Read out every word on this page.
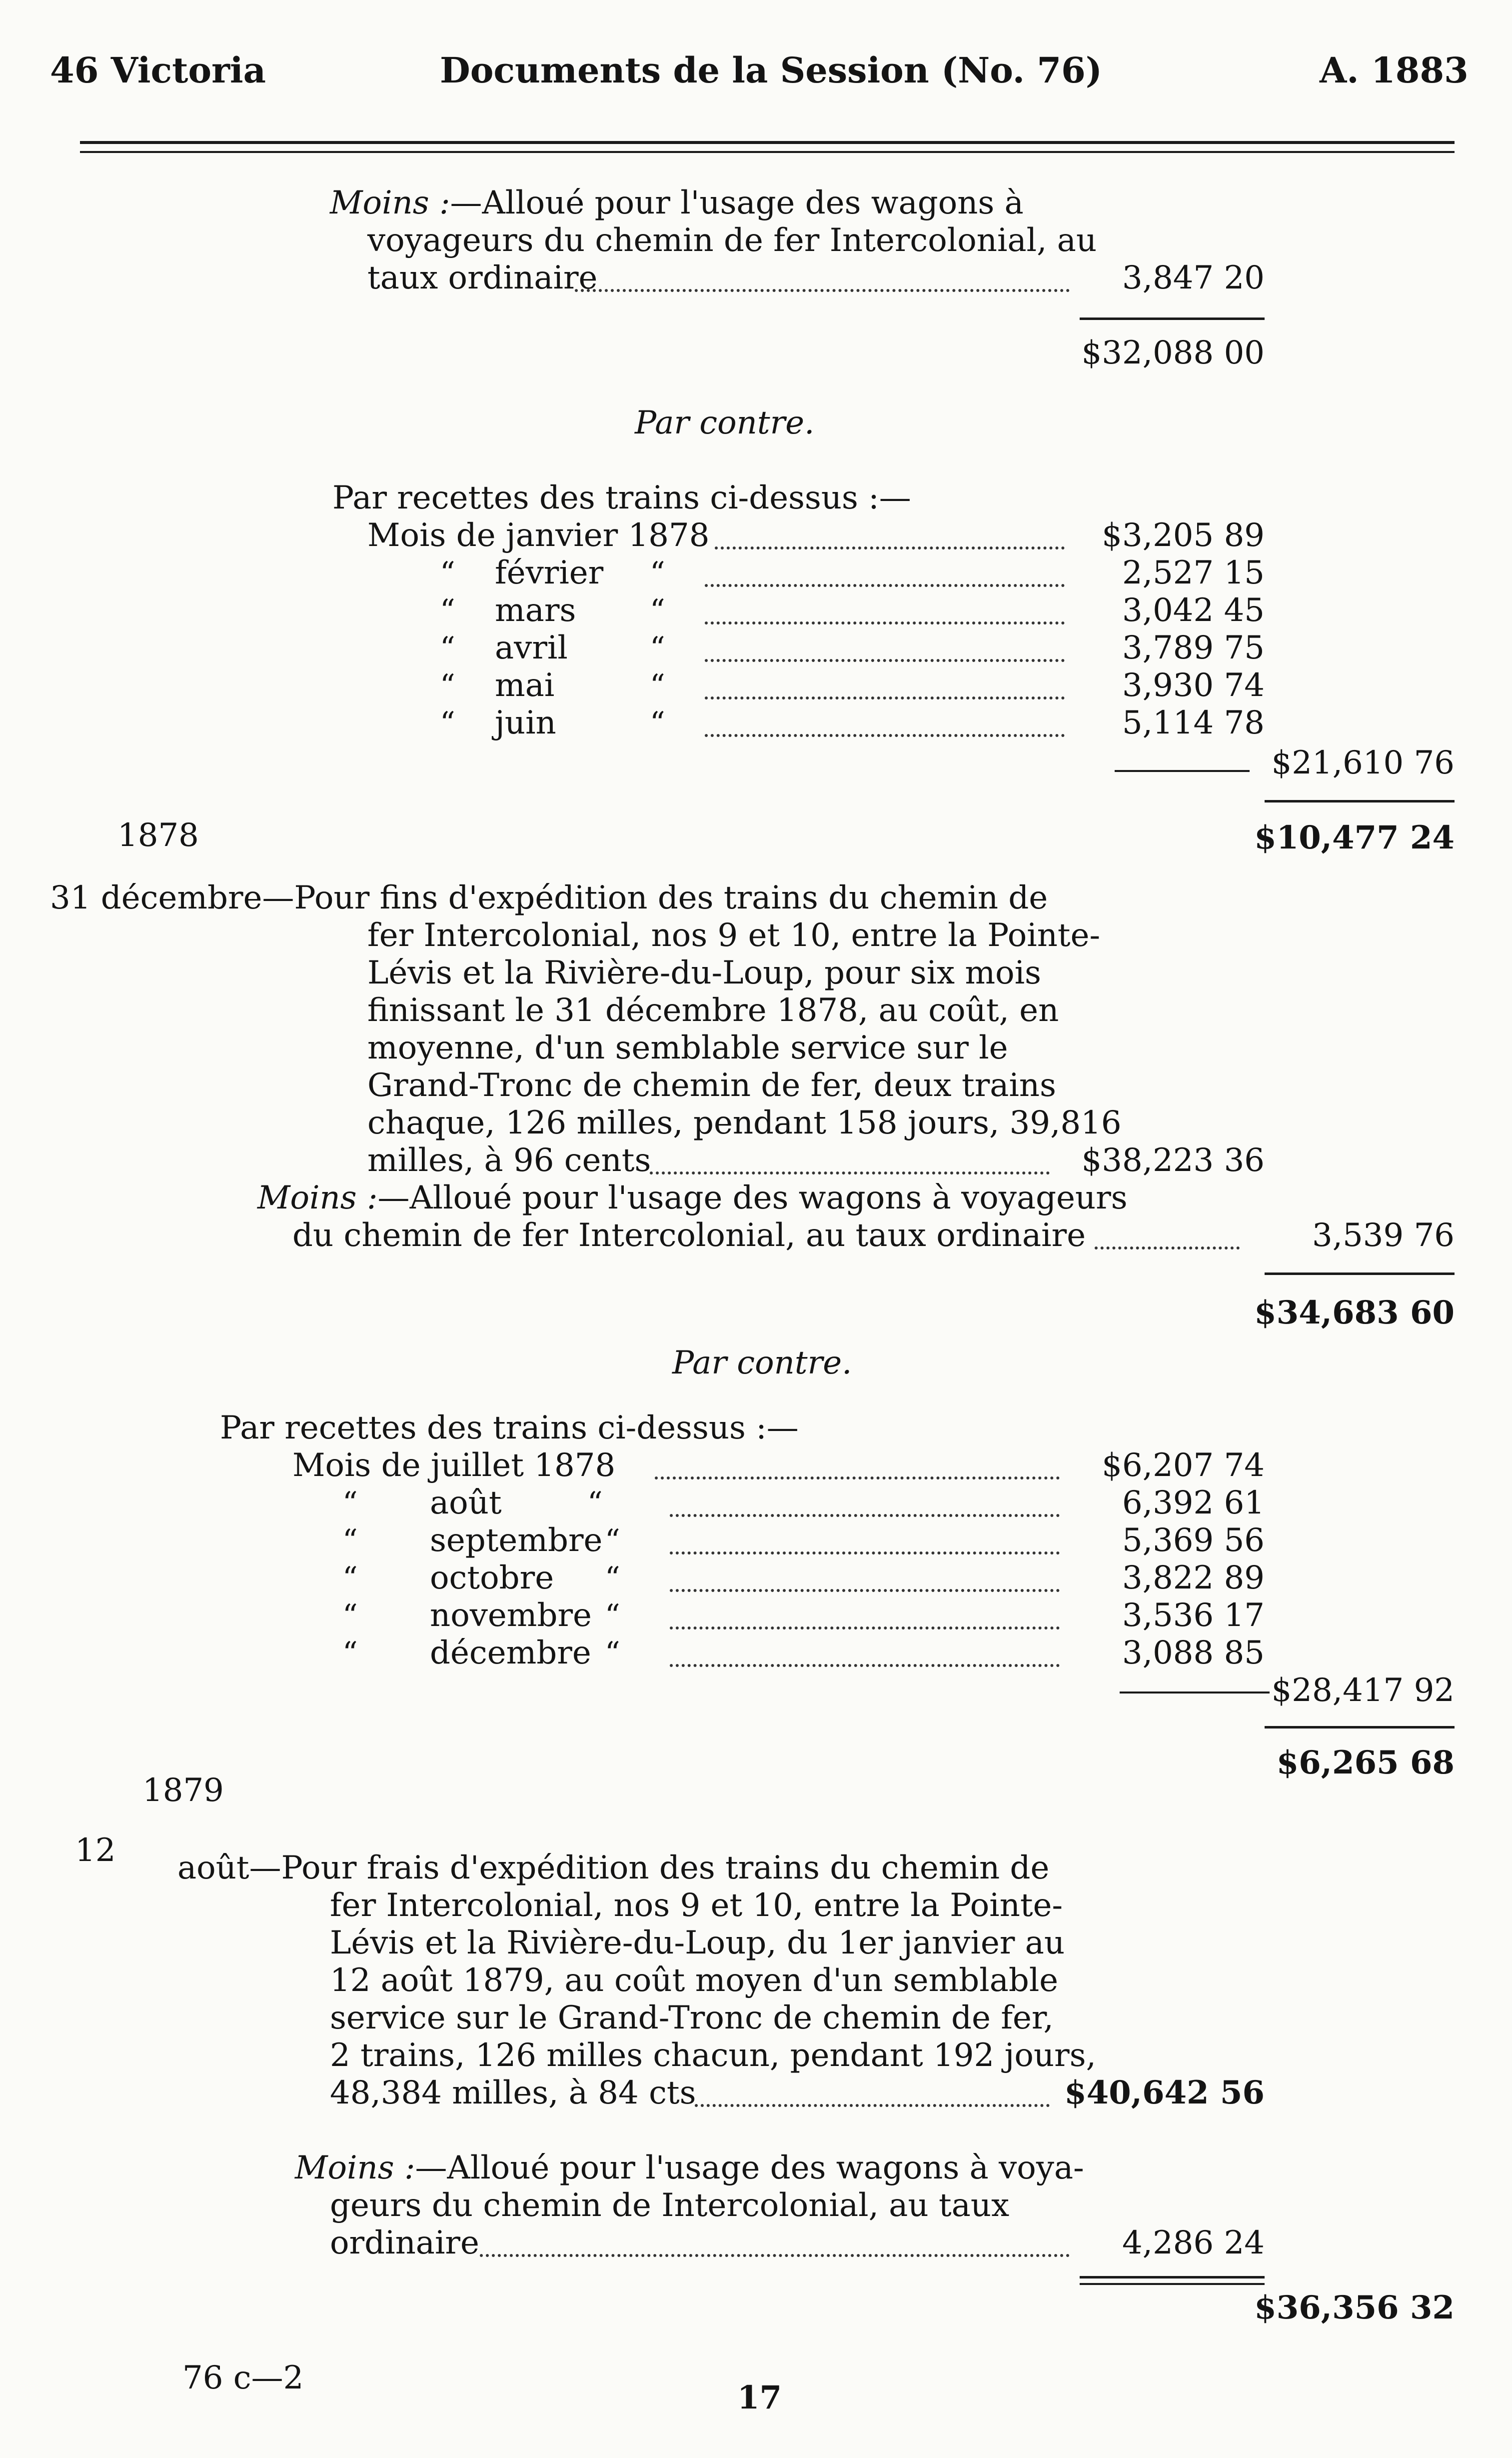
46 Victoria	Documents de la Session (No. 76)	A. 1883
Moins :—Alloué pour l'usage des wagons à
voyageurs du chemin de fer Intercolonial, au
taux ordinaire	3,847 20
$32,088 00
Par contre.
Par recettes des trains ci-dessus :—
Mois de janvier 1878	$3,205 89
“ février “	2,527 15
“ mars “	3,042 45
“ avril	“	3,789 75
“ mai	“	3,930 74
“ juin	“	5,114 78
$21,610 76
$10,477 24
1878
31 décembre—Pour fins d'expédition des trains du chemin de
fer Intercolonial, nos 9 et 10, entre la Pointe-
Lévis et la Rivière-du-Loup, pour six mois
finissant le 31 décembre 1878, au coût, en
moyenne, d'un semblable service sur le
Grand-Tronc de chemin de fer, deux trains
chaque, 126 milles, pendant 158 jours, 39,816
milles, à 96 cents	$38,223 36
Moins :—Alloué pour l'usage des wagons à voyageurs
du chemin de fer Intercolonial, au taux ordinaire	3,539 76
$34,683 60
Par contre.
Par recettes des trains ci-dessus :—
Mois de juillet 1878	$6,207 74
“ août	“	6,392 61
“ septembre “	5,369 56
“ octobre “	3,822 89
“ novembre “	3,536 17
“ décembre “	3,088 85
$28,417 92
$6,265 68
1879
12 août—Pour frais d'expédition des trains du chemin de
fer Intercolonial, nos 9 et 10, entre la Pointe-
Lévis et la Rivière-du-Loup, du 1er janvier au
12 août 1879, au coût moyen d'un semblable
service sur le Grand-Tronc de chemin de fer,
2 trains, 126 milles chacun, pendant 192 jours,
48,384 milles, à 84 cts	$40,642 56
Moins :—Alloué pour l'usage des wagons à voya-
geurs du chemin de Intercolonial, au taux
ordinaire	4,286 24
$36,356 32
76 c—2
17
